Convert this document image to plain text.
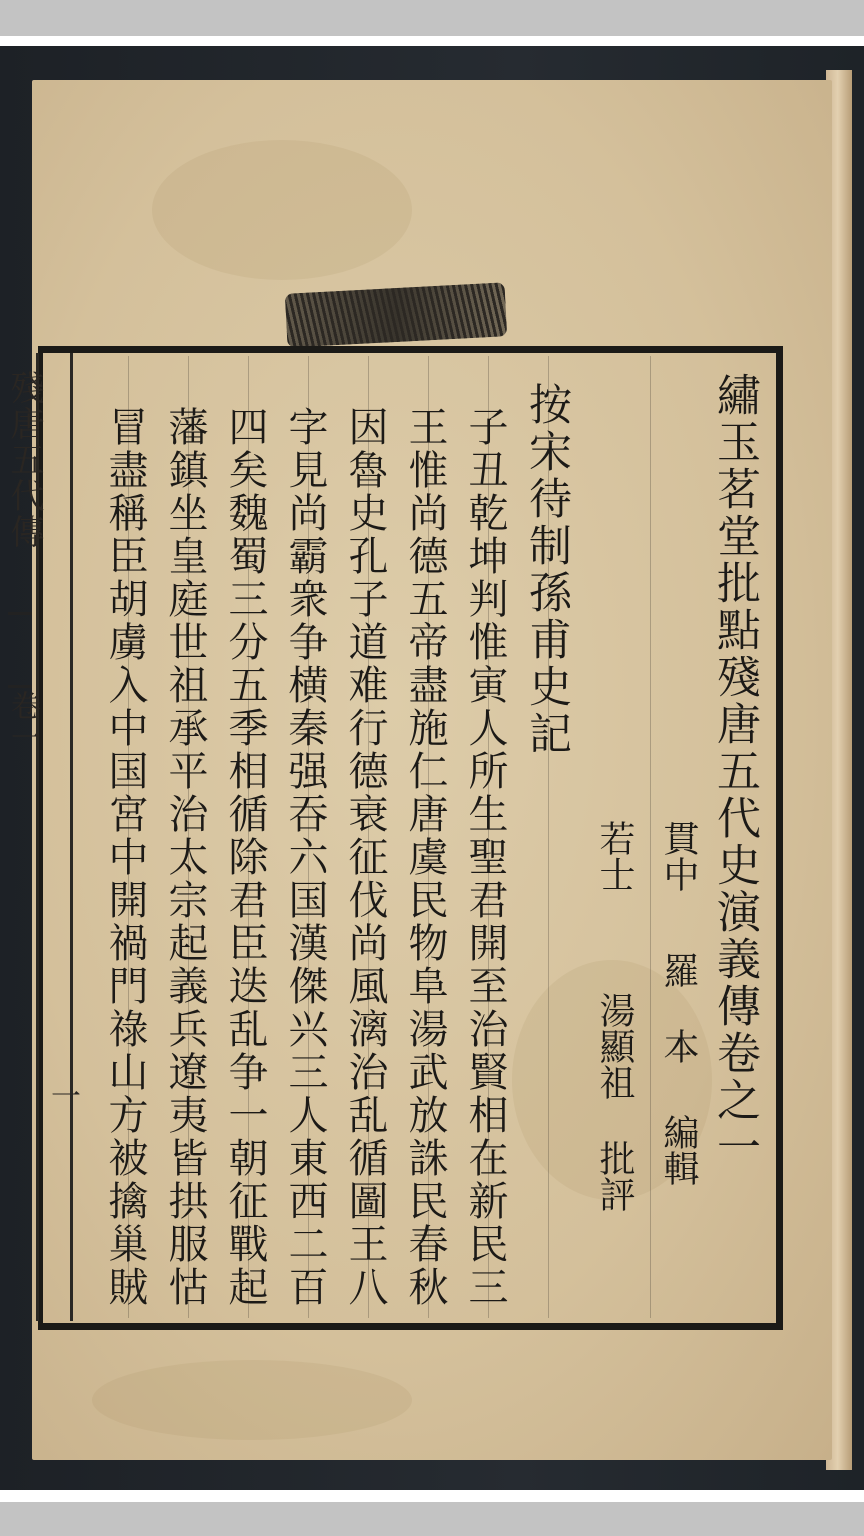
繡玉茗堂批點殘唐五代史演義傳卷之一
貫中羅本編輯
若士湯顯祖批評
按宋待制孫甫史記
子丑乾坤判惟寅人所生聖君開至治賢相在新民三
王惟尚德五帝盡施仁唐虞民物阜湯武放誅民春秋
因魯史孔子道难行德衰征伐尚風漓治乱循圖王八
字見尚霸衆争横秦强吞六国漢傑兴三人東西二百
四矣魏蜀三分五季相循除君臣迭乱争一朝征戰起
藩鎮坐皇庭世祖承平治太宗起義兵遼夷皆拱服怙
冒盡稱臣胡虜入中国宮中開禍門祿山方被擒巢賊
殘唐五代傳
卷一
一
